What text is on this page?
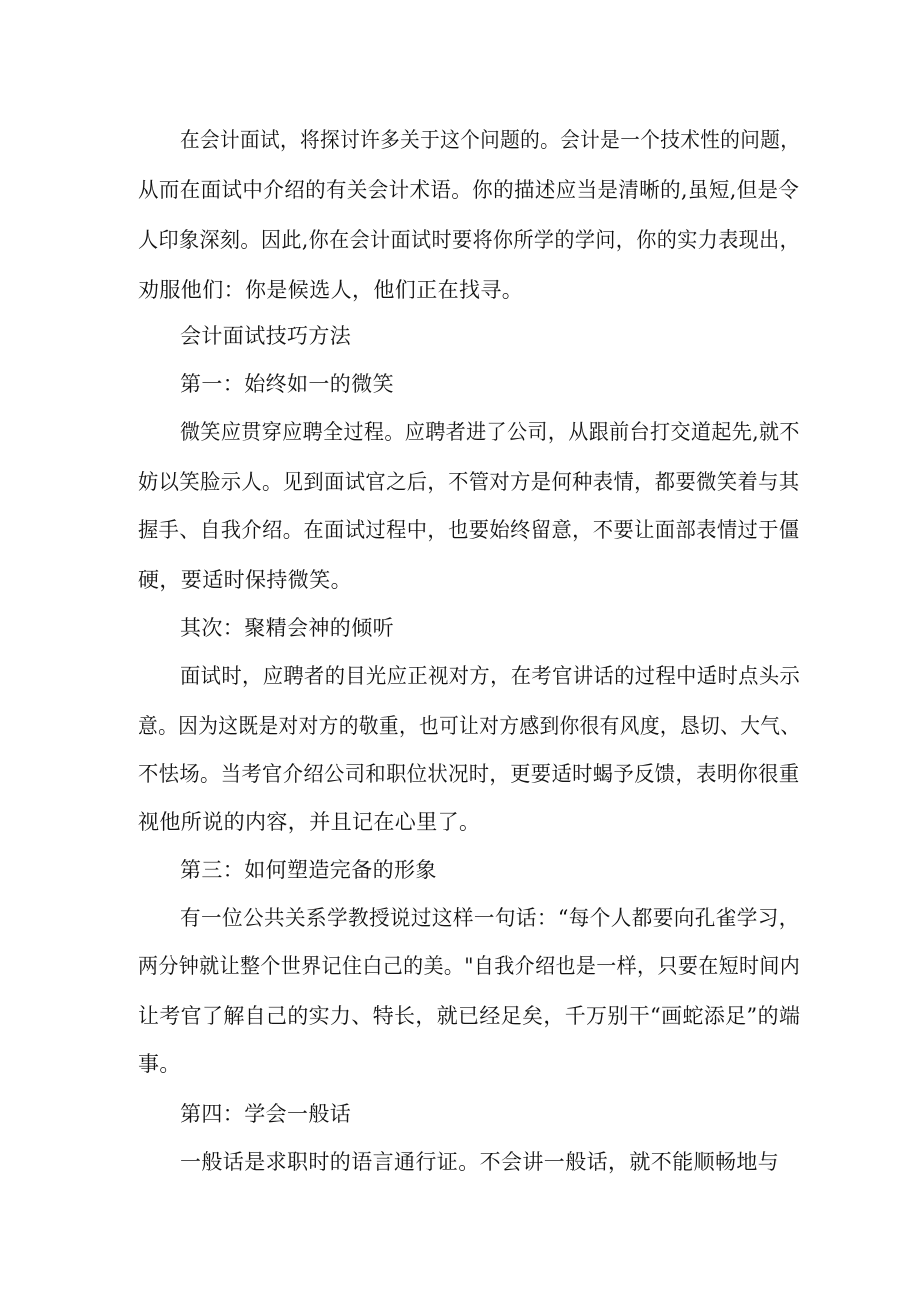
在会计面试，将探讨许多关于这个问题的。会计是一个技术性的问题，
从而在面试中介绍的有关会计术语。你的描述应当是清晰的,虽短,但是令
人印象深刻。因此,你在会计面试时要将你所学的学问，你的实力表现出，
劝服他们：你是候选人，他们正在找寻。
会计面试技巧方法
第一：始终如一的微笑
微笑应贯穿应聘全过程。应聘者进了公司，从跟前台打交道起先,就不
妨以笑脸示人。见到面试官之后，不管对方是何种表情，都要微笑着与其
握手、自我介绍。在面试过程中，也要始终留意，不要让面部表情过于僵
硬，要适时保持微笑。
其次：聚精会神的倾听
面试时，应聘者的目光应正视对方，在考官讲话的过程中适时点头示
意。因为这既是对对方的敬重，也可让对方感到你很有风度，恳切、大气、
不怯场。当考官介绍公司和职位状况时，更要适时蝎予反馈，表明你很重
视他所说的内容，并且记在心里了。
第三：如何塑造完备的形象
有一位公共关系学教授说过这样一句话：“每个人都要向孔雀学习，
两分钟就让整个世界记住白己的美。"自我介绍也是一样，只要在短时间内
让考官了解自己的实力、特长，就已经足矣，千万别干“画蛇添足”的端
事。
第四：学会一般话
一般话是求职时的语言通行证。不会讲一般话，就不能顺畅地与
